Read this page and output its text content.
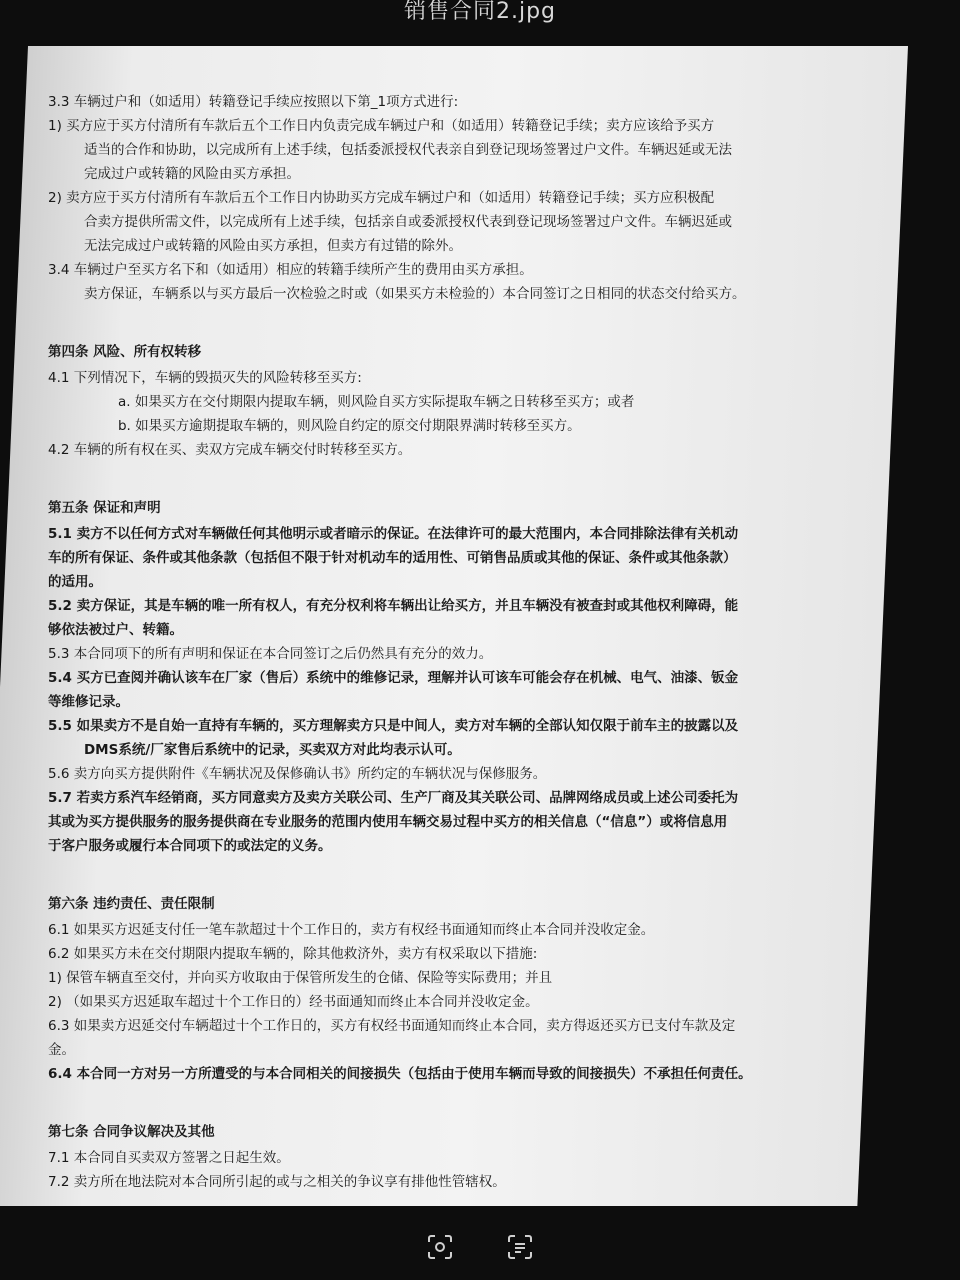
销售合同2.jpg
3.3 车辆过户和（如适用）转籍登记手续应按照以下第_1项方式进行:
1) 买方应于买方付清所有车款后五个工作日内负责完成车辆过户和（如适用）转籍登记手续；卖方应该给予买方
适当的合作和协助，以完成所有上述手续，包括委派授权代表亲自到登记现场签署过户文件。车辆迟延或无法
完成过户或转籍的风险由买方承担。
2) 卖方应于买方付清所有车款后五个工作日内协助买方完成车辆过户和（如适用）转籍登记手续；买方应积极配
合卖方提供所需文件，以完成所有上述手续，包括亲自或委派授权代表到登记现场签署过户文件。车辆迟延或
无法完成过户或转籍的风险由买方承担，但卖方有过错的除外。
3.4 车辆过户至买方名下和（如适用）相应的转籍手续所产生的费用由买方承担。
卖方保证，车辆系以与买方最后一次检验之时或（如果买方未检验的）本合同签订之日相同的状态交付给买方。
第四条 风险、所有权转移
4.1 下列情况下，车辆的毁损灭失的风险转移至买方:
a. 如果买方在交付期限内提取车辆，则风险自买方实际提取车辆之日转移至买方；或者
b. 如果买方逾期提取车辆的，则风险自约定的原交付期限界满时转移至买方。
4.2 车辆的所有权在买、卖双方完成车辆交付时转移至买方。
第五条 保证和声明
5.1 卖方不以任何方式对车辆做任何其他明示或者暗示的保证。在法律许可的最大范围内，本合同排除法律有关机动
车的所有保证、条件或其他条款（包括但不限于针对机动车的适用性、可销售品质或其他的保证、条件或其他条款）
的适用。
5.2 卖方保证，其是车辆的唯一所有权人，有充分权利将车辆出让给买方，并且车辆没有被查封或其他权利障碍，能
够依法被过户、转籍。
5.3 本合同项下的所有声明和保证在本合同签订之后仍然具有充分的效力。
5.4 买方已查阅并确认该车在厂家（售后）系统中的维修记录，理解并认可该车可能会存在机械、电气、油漆、钣金
等维修记录。
5.5 如果卖方不是自始一直持有车辆的，买方理解卖方只是中间人，卖方对车辆的全部认知仅限于前车主的披露以及
DMS系统/厂家售后系统中的记录，买卖双方对此均表示认可。
5.6 卖方向买方提供附件《车辆状况及保修确认书》所约定的车辆状况与保修服务。
5.7 若卖方系汽车经销商，买方同意卖方及卖方关联公司、生产厂商及其关联公司、品牌网络成员或上述公司委托为
其或为买方提供服务的服务提供商在专业服务的范围内使用车辆交易过程中买方的相关信息（“信息”）或将信息用
于客户服务或履行本合同项下的或法定的义务。
第六条 违约责任、责任限制
6.1 如果买方迟延支付任一笔车款超过十个工作日的，卖方有权经书面通知而终止本合同并没收定金。
6.2 如果买方未在交付期限内提取车辆的，除其他救济外，卖方有权采取以下措施:
1) 保管车辆直至交付，并向买方收取由于保管所发生的仓储、保险等实际费用；并且
2) （如果买方迟延取车超过十个工作日的）经书面通知而终止本合同并没收定金。
6.3 如果卖方迟延交付车辆超过十个工作日的，买方有权经书面通知而终止本合同，卖方得返还买方已支付车款及定
金。
6.4 本合同一方对另一方所遭受的与本合同相关的间接损失（包括由于使用车辆而导致的间接损失）不承担任何责任。
第七条 合同争议解决及其他
7.1 本合同自买卖双方签署之日起生效。
7.2 卖方所在地法院对本合同所引起的或与之相关的争议享有排他性管辖权。
